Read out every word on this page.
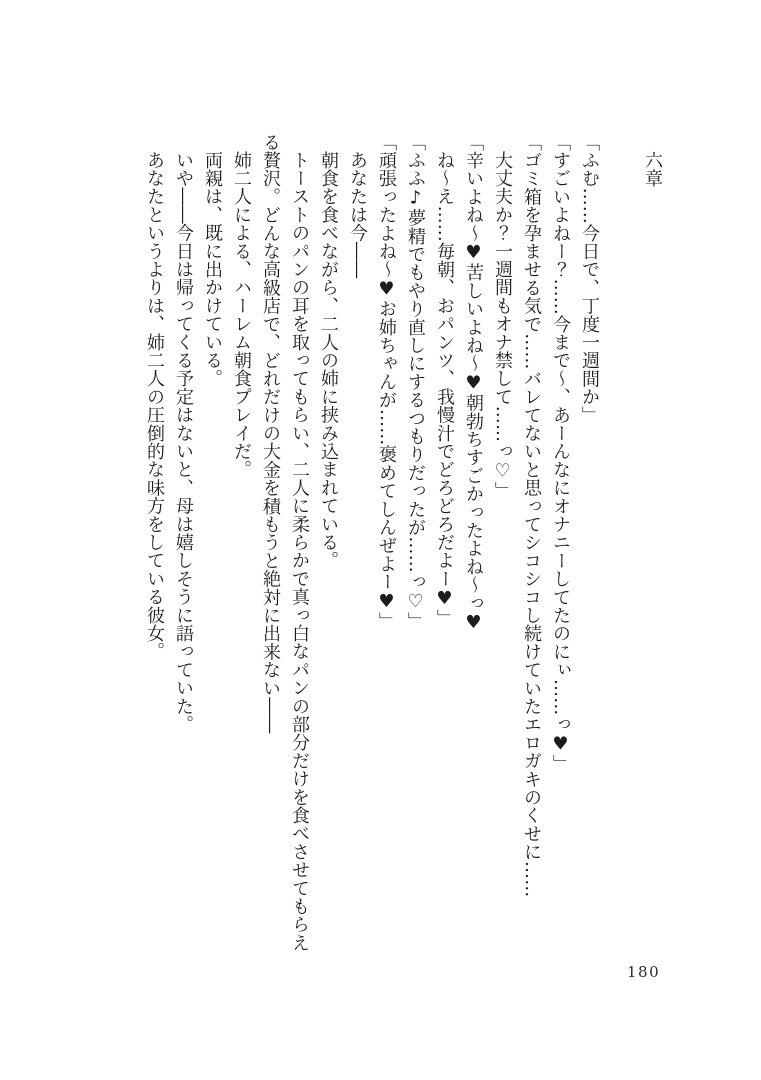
六章
「ふむ……今日で、丁度一週間か」
「すごいよねー？……今まで～、あーんなにオナニーしてたのにぃ……っ♥」
「ゴミ箱を孕ませる気で……バレてないと思ってシコシコし続けていたエロガキのくせに……
大丈夫か？一週間もオナ禁して……っ♡」
「辛いよね～♥苦しいよね～♥朝勃ちすごかったよね～っ♥
ね～え……毎朝、おパンツ、我慢汁でどろどろだよー♥」
「ふふ♪夢精でもやり直しにするつもりだったが……っ♡」
「頑張ったよね～♥お姉ちゃんが……褒めてしんぜよー♥」
あなたは今――
朝食を食べながら、二人の姉に挟み込まれている。
トーストのパンの耳を取ってもらい、二人に柔らかで真っ白なパンの部分だけを食べさせてもらえ
る贅沢。どんな高級店で、どれだけの大金を積もうと絶対に出来ない――
姉二人による、ハーレム朝食プレイだ。
両親は、既に出かけている。
いや――今日は帰ってくる予定はないと、母は嬉しそうに語っていた。
あなたというよりは、姉二人の圧倒的な味方をしている彼女。
180
